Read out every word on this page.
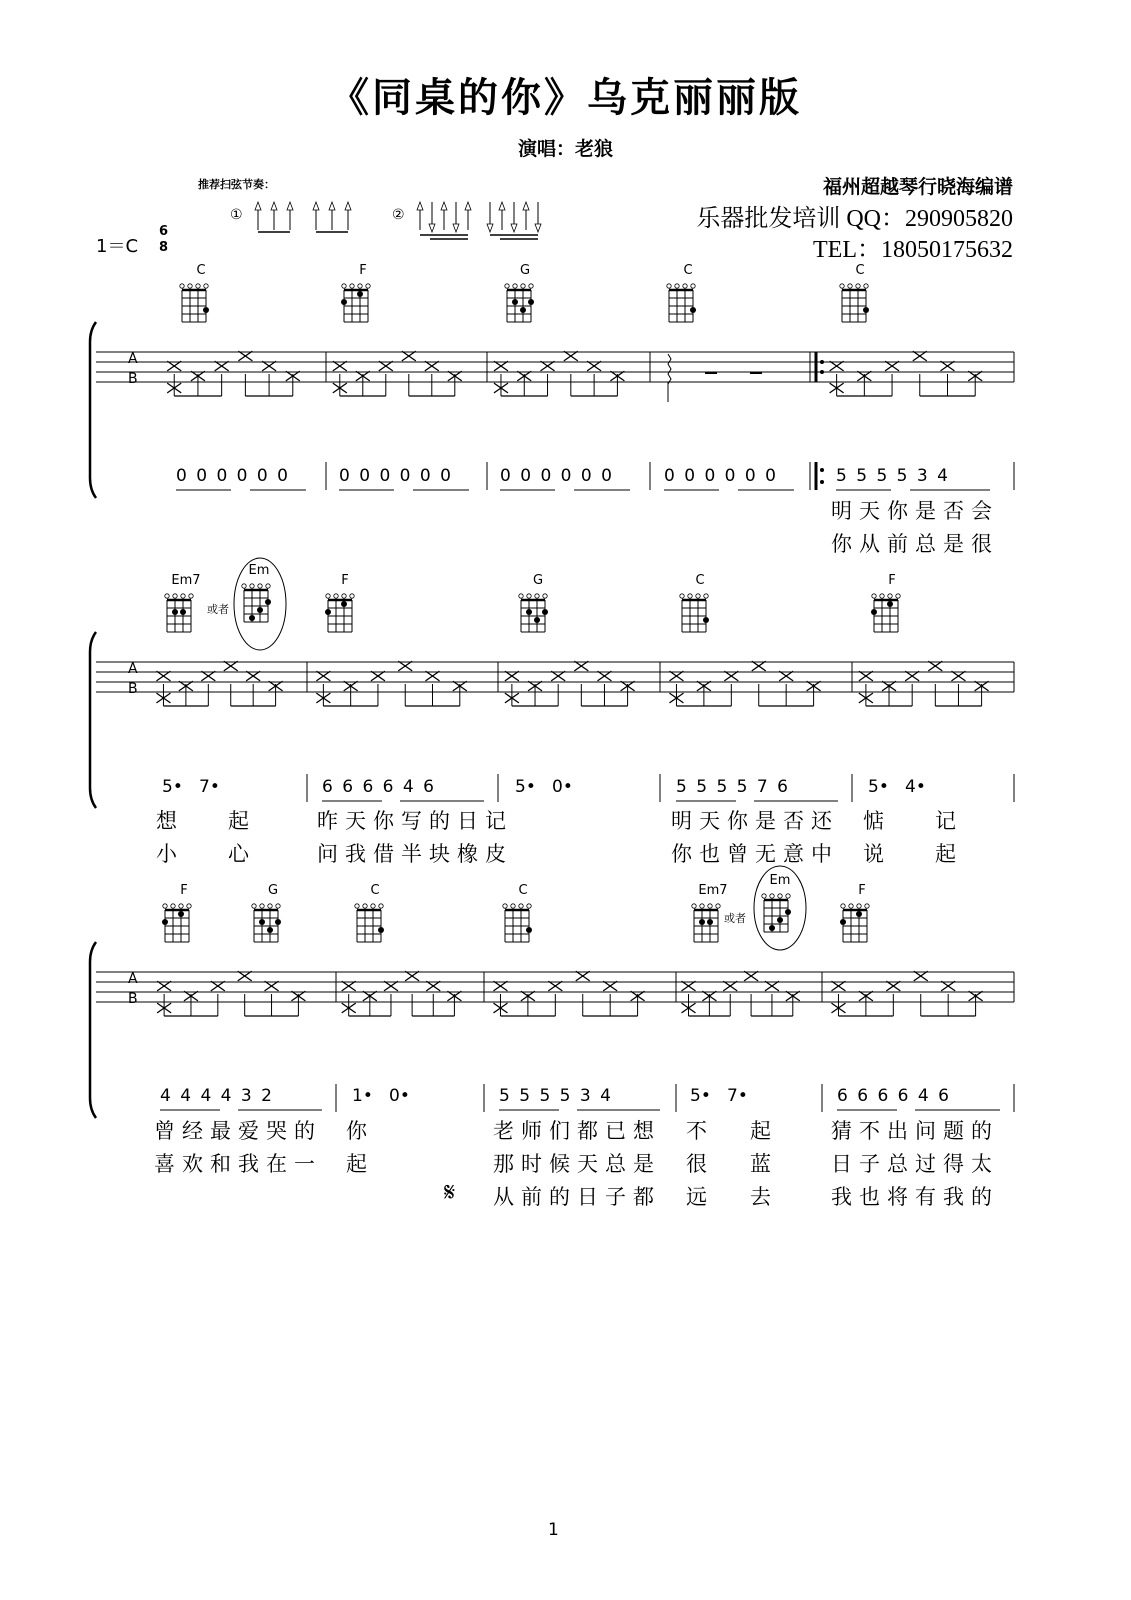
《同桌的你》乌克丽丽版
演唱：老狼
福州超越琴行晓海编谱
乐器批发培训 QQ：290905820
TEL：18050175632
推荐扫弦节奏：
①	②
1＝C
6
8
C	F	G	C	C
Em7
Em
F	G	C	F
或者
F	G	C	C	Em7
Em
F
或者
A
B
A
B
A
B
0 0 0 0 0 0	0 0 0 0 0 0	0 0 0 0 0 0	0 0 0 0 0 0	5 5 5 5 3 4
5•   7•	6 6 6 6 4 6	5•   0•	5 5 5 5 7 6	5•   4•
4 4 4 4 3 2	1•   0•	5 5 5 5 3 4	5•   7•	6 6 6 6 4 6
明天你是否会
你从前总是很
想 起	昨天你写的日记	明天你是否还 惦 记
小 心	问我借半块橡皮	你也曾无意中 说 起
曾经最爱哭的 你	老师们都已想 不 起	猜不出问题的
喜欢和我在一 起	那时候天总是 很 蓝	日子总过得太
𝄋 从前的日子都 远 去	我也将有我的
1
